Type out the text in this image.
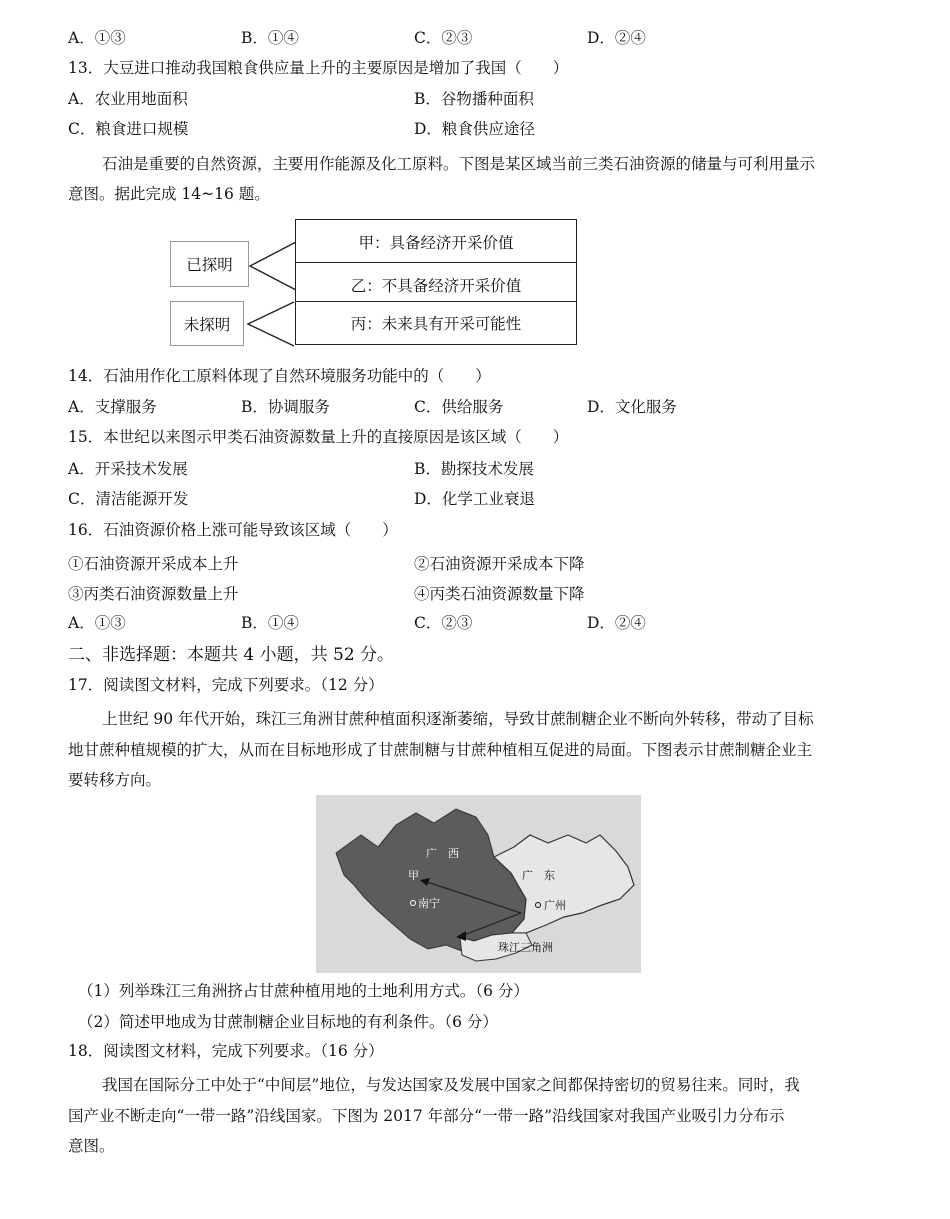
A．①③	B．①④	C．②③	D．②④
13．大豆进口推动我国粮食供应量上升的主要原因是增加了我国（　　）
A．农业用地面积	B．谷物播种面积
C．粮食进口规模	D．粮食供应途径
石油是重要的自然资源，主要用作能源及化工原料。下图是某区域当前三类石油资源的储量与可利用量示
意图。据此完成 14~16 题。
已探明
未探明
甲：具备经济开采价值
乙：不具备经济开采价值
丙：未来具有开采可能性
14．石油用作化工原料体现了自然环境服务功能中的（　　）
A．支撑服务	B．协调服务	C．供给服务	D．文化服务
15．本世纪以来图示甲类石油资源数量上升的直接原因是该区域（　　）
A．开采技术发展	B．勘探技术发展
C．清洁能源开发	D．化学工业衰退
16．石油资源价格上涨可能导致该区域（　　）
①石油资源开采成本上升	②石油资源开采成本下降
③丙类石油资源数量上升	④丙类石油资源数量下降
A．①③	B．①④	C．②③	D．②④
二、非选择题：本题共 4 小题，共 52 分。
17．阅读图文材料，完成下列要求。（12 分）
上世纪 90 年代开始，珠江三角洲甘蔗种植面积逐渐萎缩，导致甘蔗制糖企业不断向外转移，带动了目标
地甘蔗种植规模的扩大，从而在目标地形成了甘蔗制糖与甘蔗种植相互促进的局面。下图表示甘蔗制糖企业主
要转移方向。
广　西
广　东
甲
南宁	广州
珠江三角洲
（1）列举珠江三角洲挤占甘蔗种植用地的土地利用方式。（6 分）
（2）简述甲地成为甘蔗制糖企业目标地的有利条件。（6 分）
18．阅读图文材料，完成下列要求。（16 分）
我国在国际分工中处于“中间层”地位，与发达国家及发展中国家之间都保持密切的贸易往来。同时，我
国产业不断走向“一带一路”沿线国家。下图为 2017 年部分“一带一路”沿线国家对我国产业吸引力分布示
意图。
